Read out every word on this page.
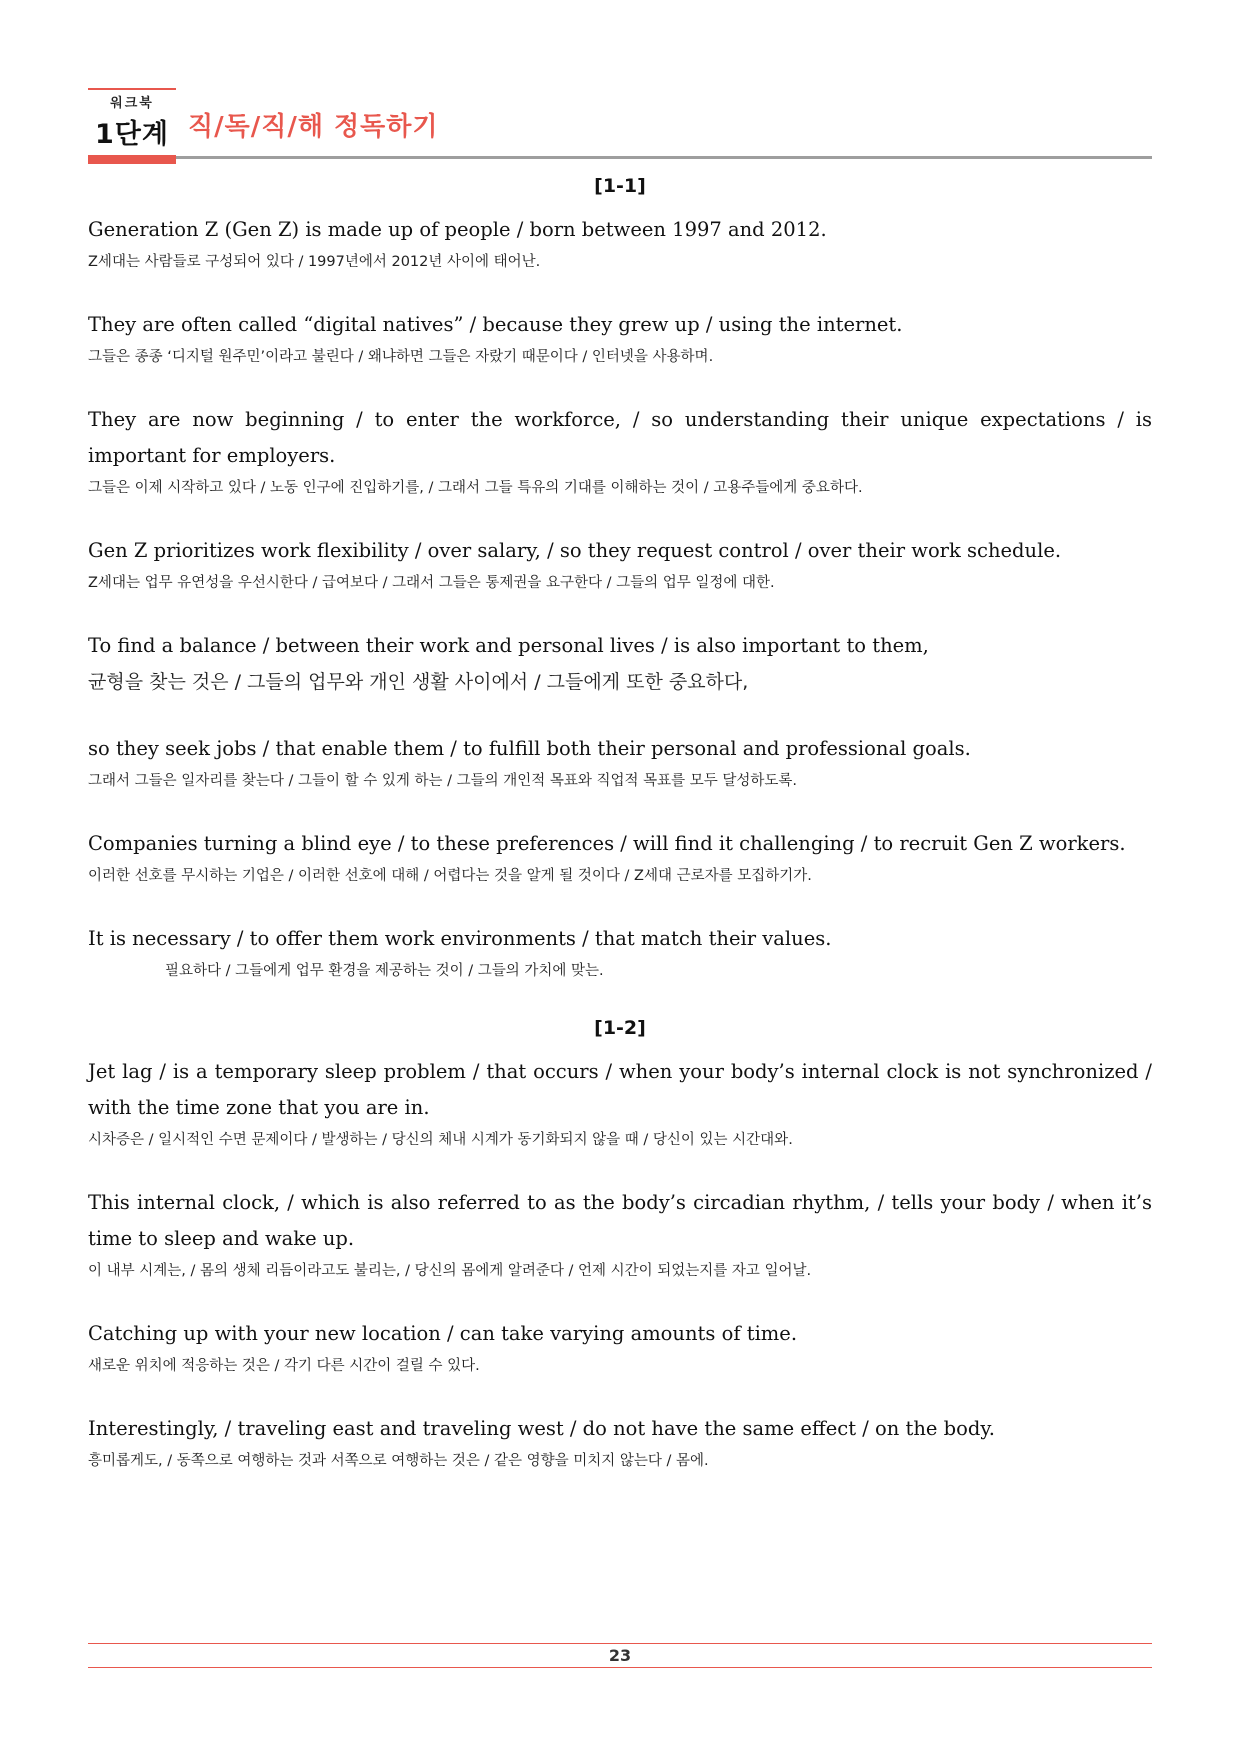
워크북
1단계 직/독/직/해 정독하기
[1-1]

Generation Z (Gen Z) is made up of people / born between 1997 and 2012.

Z세대는 사람들로 구성되어 있다 / 1997년에서 2012년 사이에 태어난.

They are often called “digital natives” / because they grew up / using the internet.

그들은 종종 ‘디지털 원주민’이라고 불린다 / 왜냐하면 그들은 자랐기 때문이다 / 인터넷을 사용하며.

They are now beginning / to enter the workforce, / so understanding their unique expectations / is important for employers.

그들은 이제 시작하고 있다 / 노동 인구에 진입하기를, / 그래서 그들 특유의 기대를 이해하는 것이 / 고용주들에게 중요하다.

Gen Z prioritizes work flexibility / over salary, / so they request control / over their work schedule.

Z세대는 업무 유연성을 우선시한다 / 급여보다 / 그래서 그들은 통제권을 요구한다 / 그들의 업무 일정에 대한.

To find a balance / between their work and personal lives / is also important to them,

균형을 찾는 것은 / 그들의 업무와 개인 생활 사이에서 / 그들에게 또한 중요하다,

so they seek jobs / that enable them / to fulfill both their personal and professional goals.

그래서 그들은 일자리를 찾는다 / 그들이 할 수 있게 하는 / 그들의 개인적 목표와 직업적 목표를 모두 달성하도록.

Companies turning a blind eye / to these preferences / will find it challenging / to recruit Gen Z workers.

이러한 선호를 무시하는 기업은 / 이러한 선호에 대해 / 어렵다는 것을 알게 될 것이다 / Z세대 근로자를 모집하기가.

It is necessary / to offer them work environments / that match their values.

필요하다 / 그들에게 업무 환경을 제공하는 것이 / 그들의 가치에 맞는.

[1-2]

Jet lag / is a temporary sleep problem / that occurs / when your body’s internal clock is not synchronized / with the time zone that you are in.

시차증은 / 일시적인 수면 문제이다 / 발생하는 / 당신의 체내 시계가 동기화되지 않을 때 / 당신이 있는 시간대와.

This internal clock, / which is also referred to as the body’s circadian rhythm, / tells your body / when it’s time to sleep and wake up.

이 내부 시계는, / 몸의 생체 리듬이라고도 불리는, / 당신의 몸에게 알려준다 / 언제 시간이 되었는지를 자고 일어날.

Catching up with your new location / can take varying amounts of time.

새로운 위치에 적응하는 것은 / 각기 다른 시간이 걸릴 수 있다.

Interestingly, / traveling east and traveling west / do not have the same effect / on the body.

흥미롭게도, / 동쪽으로 여행하는 것과 서쪽으로 여행하는 것은 / 같은 영향을 미치지 않는다 / 몸에.

23
